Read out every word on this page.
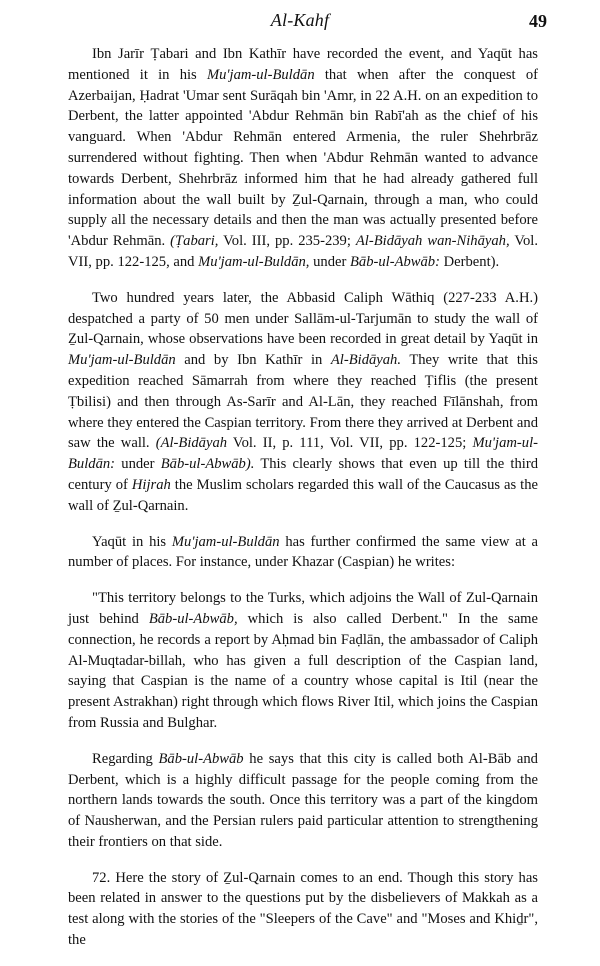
Al-Kahf	49

Ibn Jarīr Ṭabari and Ibn Kathīr have recorded the event, and Yaqūt has mentioned it in his Mu'jam-ul-Buldān that when after the conquest of Azerbaijan, Ḥadrat 'Umar sent Surāqah bin 'Amr, in 22 A.H. on an expedition to Derbent, the latter appointed 'Abdur Rehmān bin Rabī'ah as the chief of his vanguard. When 'Abdur Rehmān entered Armenia, the ruler Shehrbrāz surrendered without fighting. Then when 'Abdur Rehmān wanted to advance towards Derbent, Shehrbrāz informed him that he had already gathered full information about the wall built by Ẕul-Qarnain, through a man, who could supply all the necessary details and then the man was actually presented before 'Abdur Rehmān. (Ṭabari, Vol. III, pp. 235-239; Al-Bidāyah wan-Nihāyah, Vol. VII, pp. 122-125, and Mu'jam-ul-Buldān, under Bāb-ul-Abwāb: Derbent).

Two hundred years later, the Abbasid Caliph Wāthiq (227-233 A.H.) despatched a party of 50 men under Sallām-ul-Tarjumān to study the wall of Ẕul-Qarnain, whose observations have been recorded in great detail by Yaqūt in Mu'jam-ul-Buldān and by Ibn Kathīr in Al-Bidāyah. They write that this expedition reached Sāmarrah from where they reached Ṭiflis (the present Ṭbilisi) and then through As-Sarīr and Al-Lān, they reached Fīlānshah, from where they entered the Caspian territory. From there they arrived at Derbent and saw the wall. (Al-Bidāyah Vol. II, p. 111, Vol. VII, pp. 122-125; Mu'jam-ul-Buldān: under Bāb-ul-Abwāb). This clearly shows that even up till the third century of Hijrah the Muslim scholars regarded this wall of the Caucasus as the wall of Ẕul-Qarnain.

Yaqūt in his Mu'jam-ul-Buldān has further confirmed the same view at a number of places. For instance, under Khazar (Caspian) he writes:

"This territory belongs to the Turks, which adjoins the Wall of Zul-Qarnain just behind Bāb-ul-Abwāb, which is also called Derbent." In the same connection, he records a report by Aḥmad bin Faḍlān, the ambassador of Caliph Al-Muqtadar-billah, who has given a full description of the Caspian land, saying that Caspian is the name of a country whose capital is Itil (near the present Astrakhan) right through which flows River Itil, which joins the Caspian from Russia and Bulghar.

Regarding Bāb-ul-Abwāb he says that this city is called both Al-Bāb and Derbent, which is a highly difficult passage for the people coming from the northern lands towards the south. Once this territory was a part of the kingdom of Nausherwan, and the Persian rulers paid particular attention to strengthening their frontiers on that side.

72. Here the story of Ẕul-Qarnain comes to an end. Though this story has been related in answer to the questions put by the disbelievers of Makkah as a test along with the stories of the "Sleepers of the Cave" and "Moses and Khiḏr", the
